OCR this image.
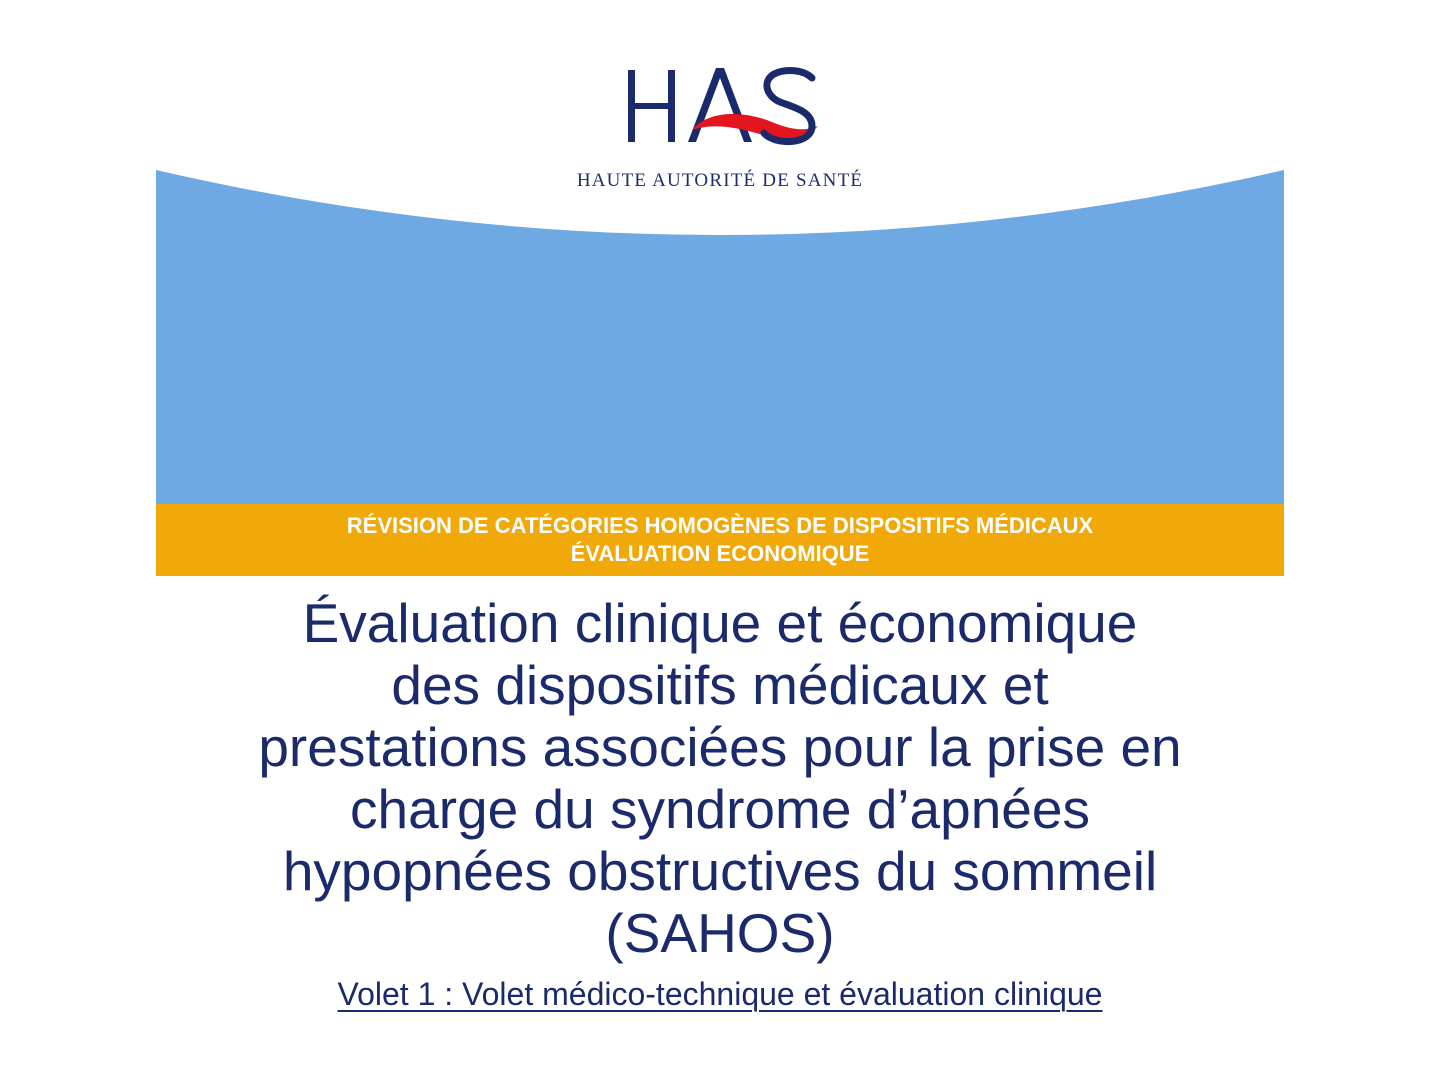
HAUTE AUTORITÉ DE SANTÉ
RÉVISION DE CATÉGORIES HOMOGÈNES DE DISPOSITIFS MÉDICAUX
ÉVALUATION ECONOMIQUE
Évaluation clinique et économique
des dispositifs médicaux et
prestations associées pour la prise en
charge du syndrome d’apnées
hypopnées obstructives du sommeil
(SAHOS)
Volet 1 : Volet médico-technique et évaluation clinique
